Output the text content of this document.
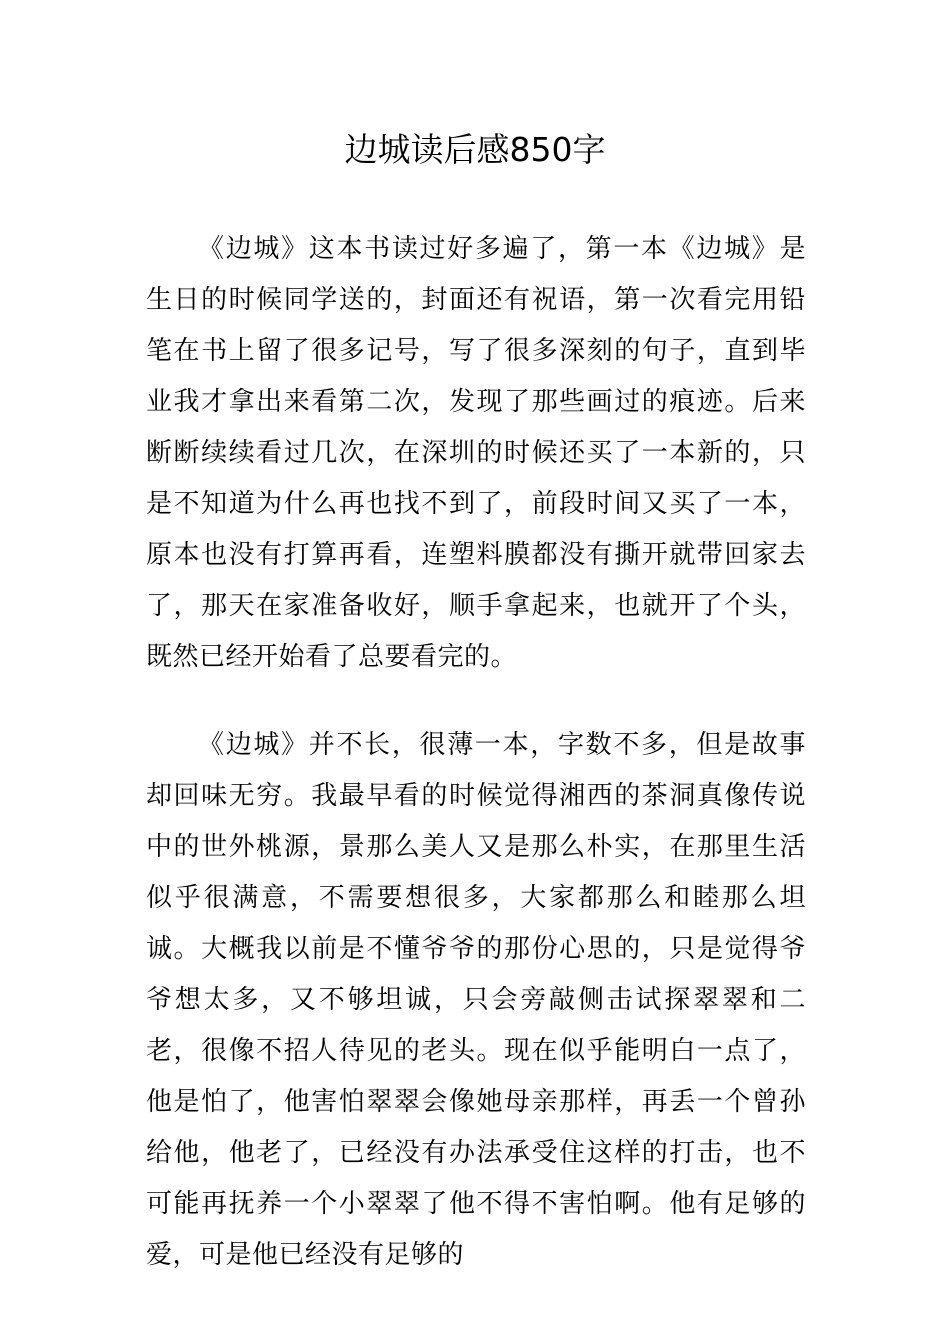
边城读后感850字

《边城》这本书读过好多遍了，第一本《边城》是生日的时候同学送的，封面还有祝语，第一次看完用铅笔在书上留了很多记号，写了很多深刻的句子，直到毕业我才拿出来看第二次，发现了那些画过的痕迹。后来断断续续看过几次，在深圳的时候还买了一本新的，只是不知道为什么再也找不到了，前段时间又买了一本，原本也没有打算再看，连塑料膜都没有撕开就带回家去了，那天在家准备收好，顺手拿起来，也就开了个头，既然已经开始看了总要看完的。

《边城》并不长，很薄一本，字数不多，但是故事却回味无穷。我最早看的时候觉得湘西的茶洞真像传说中的世外桃源，景那么美人又是那么朴实，在那里生活似乎很满意，不需要想很多，大家都那么和睦那么坦诚。大概我以前是不懂爷爷的那份心思的，只是觉得爷爷想太多，又不够坦诚，只会旁敲侧击试探翠翠和二老，很像不招人待见的老头。现在似乎能明白一点了，他是怕了，他害怕翠翠会像她母亲那样，再丢一个曾孙给他，他老了，已经没有办法承受住这样的打击，也不可能再抚养一个小翠翠了他不得不害怕啊。他有足够的爱，可是他已经没有足够的
